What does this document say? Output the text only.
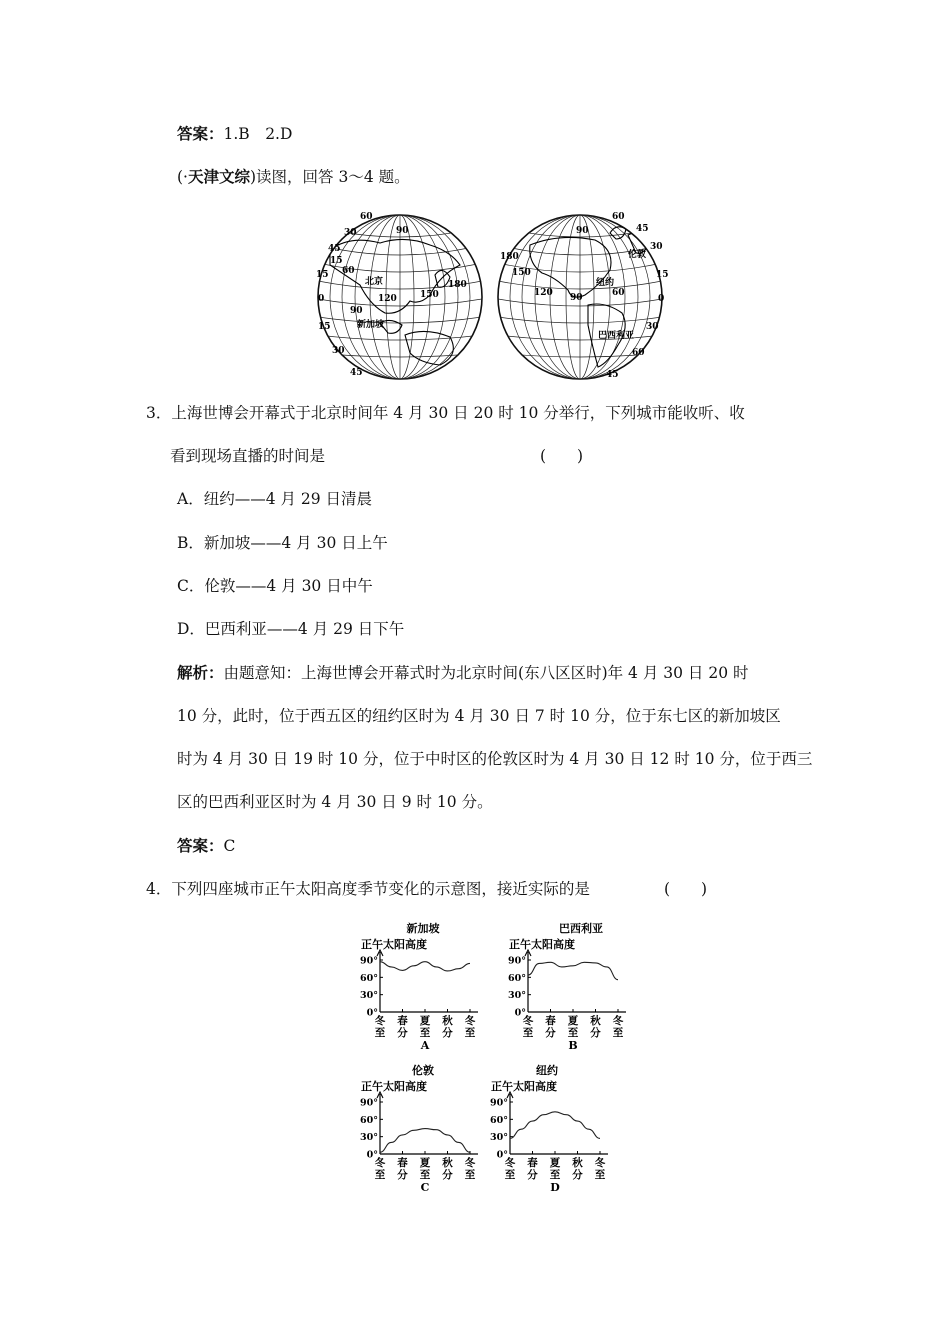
答案：1.B　2.D
(·天津文综)读图，回答 3～4 题。
北京
新加坡
90
120	150
180
90
0
15
15
30
45
45
60
60
15
30
伦敦
纽约
巴西利亚
90
120
150
180
60
90	0
15
30
45
60
30
60
45
3．上海世博会开幕式于北京时间年 4 月 30 日 20 时 10 分举行，下列城市能收听、收
看到现场直播的时间是	(　　)
A．纽约——4 月 29 日清晨
B．新加坡——4 月 30 日上午
C．伦敦——4 月 30 日中午
D．巴西利亚——4 月 29 日下午
解析：由题意知：上海世博会开幕式时为北京时间(东八区区时)年 4 月 30 日 20 时
10 分，此时，位于西五区的纽约区时为 4 月 30 日 7 时 10 分，位于东七区的新加坡区
时为 4 月 30 日 19 时 10 分，位于中时区的伦敦区时为 4 月 30 日 12 时 10 分，位于西三
区的巴西利亚区时为 4 月 30 日 9 时 10 分。
答案：C
4．下列四座城市正午太阳高度季节变化的示意图，接近实际的是	(　　)
新加坡
正午太阳高度
90°
60°
30°
0°
冬
至
春
分
夏
至
秋
分
冬
至
A
巴西利亚
正午太阳高度
90°
60°
30°
0°
冬
至
春
分
夏
至
秋
分
冬
至
B
伦敦
正午太阳高度
90°
60°
30°
0°
冬
至
春
分
夏
至
秋
分
冬
至
C
纽约
正午太阳高度
90°
60°
30°
0°
冬
至
春
分
夏
至
秋
分
冬
至
D
